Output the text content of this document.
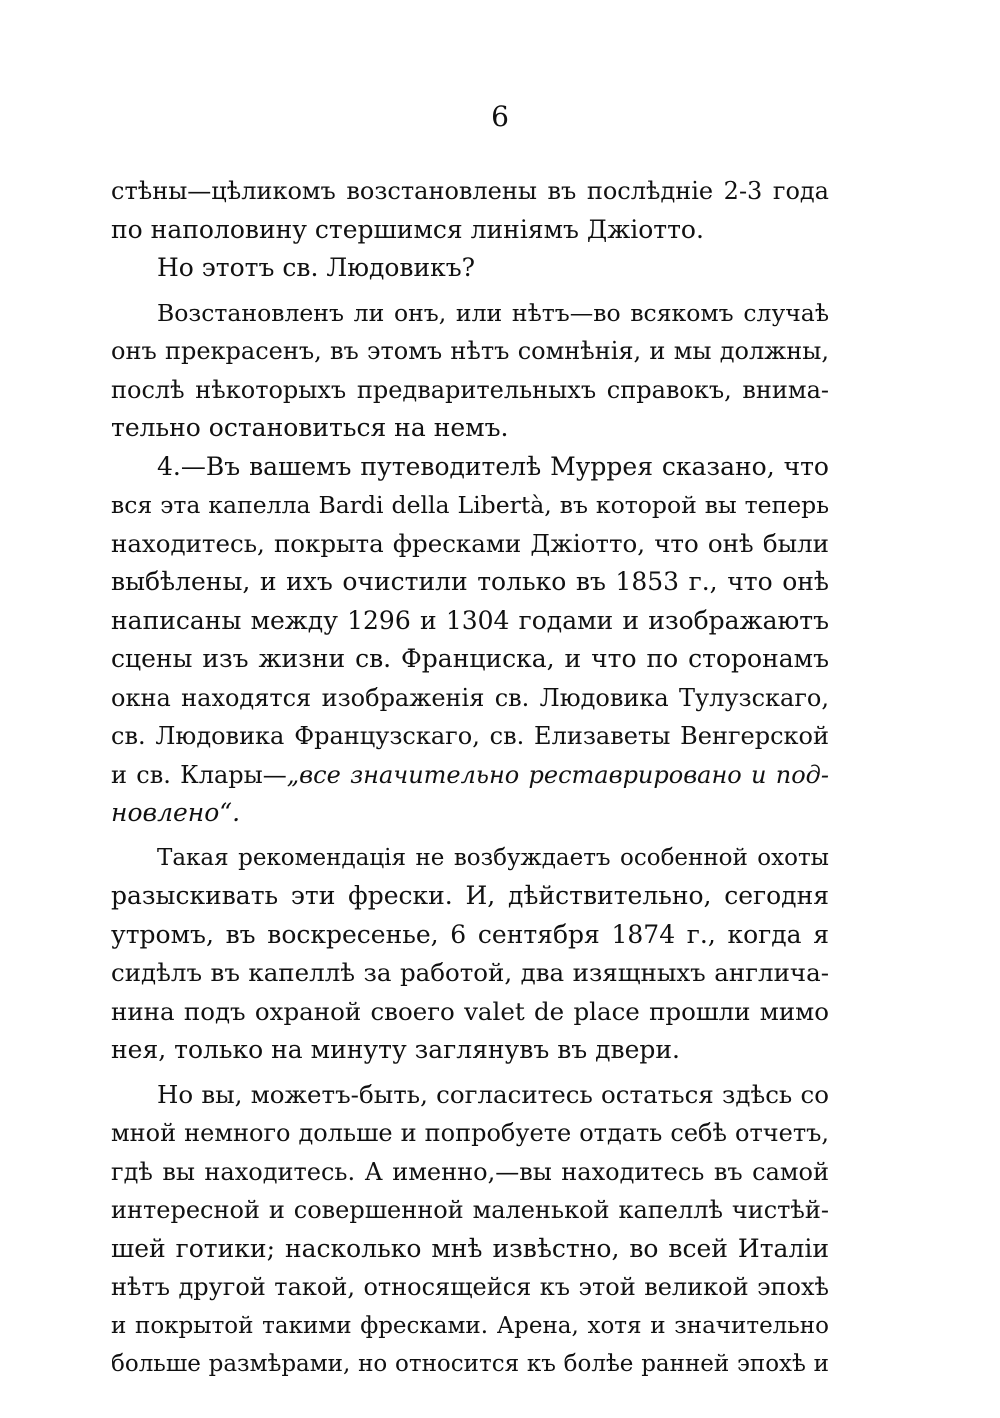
6
стѣны—цѣликомъ возстановлены въ послѣдніе 2-3 года
по наполовину стершимся линіямъ Джіотто.
Но этотъ св. Людовикъ?
Возстановленъ ли онъ, или нѣтъ—во всякомъ случаѣ
онъ прекрасенъ, въ этомъ нѣтъ сомнѣнія, и мы должны,
послѣ нѣкоторыхъ предварительныхъ справокъ, внима-
тельно остановиться на немъ.
4.—Въ вашемъ путеводителѣ Муррея сказано, что
вся эта капелла Bardi della Libertà, въ которой вы теперь
находитесь, покрыта фресками Джіотто, что онѣ были
выбѣлены, и ихъ очистили только въ 1853 г., что онѣ
написаны между 1296 и 1304 годами и изображаютъ
сцены изъ жизни св. Франциска, и что по сторонамъ
окна находятся изображенія св. Людовика Тулузскаго,
св. Людовика Французскаго, св. Елизаветы Венгерской
и св. Клары—„все значительно реставрировано и под-
новлено“.
Такая рекомендація не возбуждаетъ особенной охоты
разыскивать эти фрески. И, дѣйствительно, сегодня
утромъ, въ воскресенье, 6 сентября 1874 г., когда я
сидѣлъ въ капеллѣ за работой, два изящныхъ англича-
нина подъ охраной своего valet de place прошли мимо
нея, только на минуту заглянувъ въ двери.
Но вы, можетъ-быть, согласитесь остаться здѣсь со
мной немного дольше и попробуете отдать себѣ отчетъ,
гдѣ вы находитесь. А именно,—вы находитесь въ самой
интересной и совершенной маленькой капеллѣ чистѣй-
шей готики; насколько мнѣ извѣстно, во всей Италіи
нѣтъ другой такой, относящейся къ этой великой эпохѣ
и покрытой такими фресками. Арена, хотя и значительно
больше размѣрами, но относится къ болѣе ранней эпохѣ и
